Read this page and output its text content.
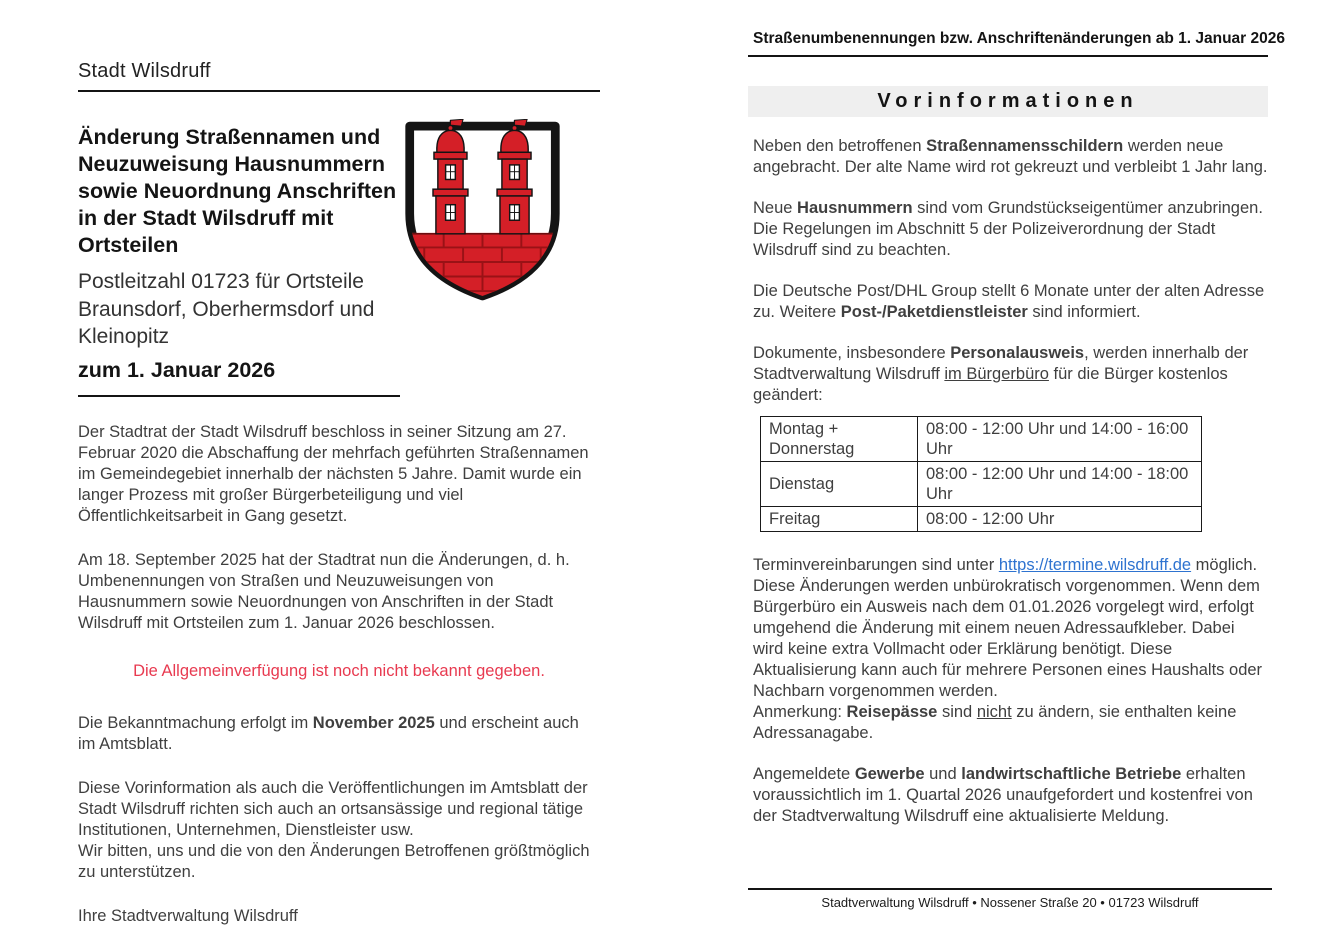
Stadt Wilsdruff
Änderung Straßennamen und Neuzuweisung Hausnummern sowie Neuordnung Anschriften in der Stadt Wilsdruff mit Ortsteilen
Postleitzahl 01723 für Ortsteile Braunsdorf, Oberhermsdorf und Kleinopitz
zum 1. Januar 2026

Der Stadtrat der Stadt Wilsdruff beschloss in seiner Sitzung am 27. Februar 2020 die Abschaffung der mehrfach geführten Straßennamen im Gemeindegebiet innerhalb der nächsten 5 Jahre. Damit wurde ein langer Prozess mit großer Bürgerbeteiligung und viel Öffentlichkeitsarbeit in Gang gesetzt.

Am 18. September 2025 hat der Stadtrat nun die Änderungen, d. h. Umbenennungen von Straßen und Neuzuweisungen von Hausnummern sowie Neuordnungen von Anschriften in der Stadt Wilsdruff mit Ortsteilen zum 1. Januar 2026 beschlossen.

Die Allgemeinverfügung ist noch nicht bekannt gegeben.

Die Bekanntmachung erfolgt im November 2025 und erscheint auch im Amtsblatt.

Diese Vorinformation als auch die Veröffentlichungen im Amtsblatt der Stadt Wilsdruff richten sich auch an ortsansässige und regional tätige Institutionen, Unternehmen, Dienstleister usw.
Wir bitten, uns und die von den Änderungen Betroffenen größtmöglich zu unterstützen.

Ihre Stadtverwaltung Wilsdruff

Straßenumbenennungen bzw. Anschriftenänderungen ab 1. Januar 2026
Vorinformationen

Neben den betroffenen Straßennamensschildern werden neue angebracht. Der alte Name wird rot gekreuzt und verbleibt 1 Jahr lang.

Neue Hausnummern sind vom Grundstückseigentümer anzubringen. Die Regelungen im Abschnitt 5 der Polizeiverordnung der Stadt Wilsdruff sind zu beachten.

Die Deutsche Post/DHL Group stellt 6 Monate unter der alten Adresse zu. Weitere Post-/Paketdienstleister sind informiert.

Dokumente, insbesondere Personalausweis, werden innerhalb der Stadtverwaltung Wilsdruff im Bürgerbüro für die Bürger kostenlos geändert:

Montag + Donnerstag	08:00 - 12:00 Uhr und 14:00 - 16:00 Uhr
Dienstag	08:00 - 12:00 Uhr und 14:00 - 18:00 Uhr
Freitag	08:00 - 12:00 Uhr

Terminvereinbarungen sind unter https://termine.wilsdruff.de möglich. Diese Änderungen werden unbürokratisch vorgenommen. Wenn dem Bürgerbüro ein Ausweis nach dem 01.01.2026 vorgelegt wird, erfolgt umgehend die Änderung mit einem neuen Adressaufkleber. Dabei wird keine extra Vollmacht oder Erklärung benötigt. Diese Aktualisierung kann auch für mehrere Personen eines Haushalts oder Nachbarn vorgenommen werden.
Anmerkung: Reisepässe sind nicht zu ändern, sie enthalten keine Adressanagabe.

Angemeldete Gewerbe und landwirtschaftliche Betriebe erhalten voraussichtlich im 1. Quartal 2026 unaufgefordert und kostenfrei von der Stadtverwaltung Wilsdruff eine aktualisierte Meldung.

Stadtverwaltung Wilsdruff • Nossener Straße 20 • 01723 Wilsdruff
